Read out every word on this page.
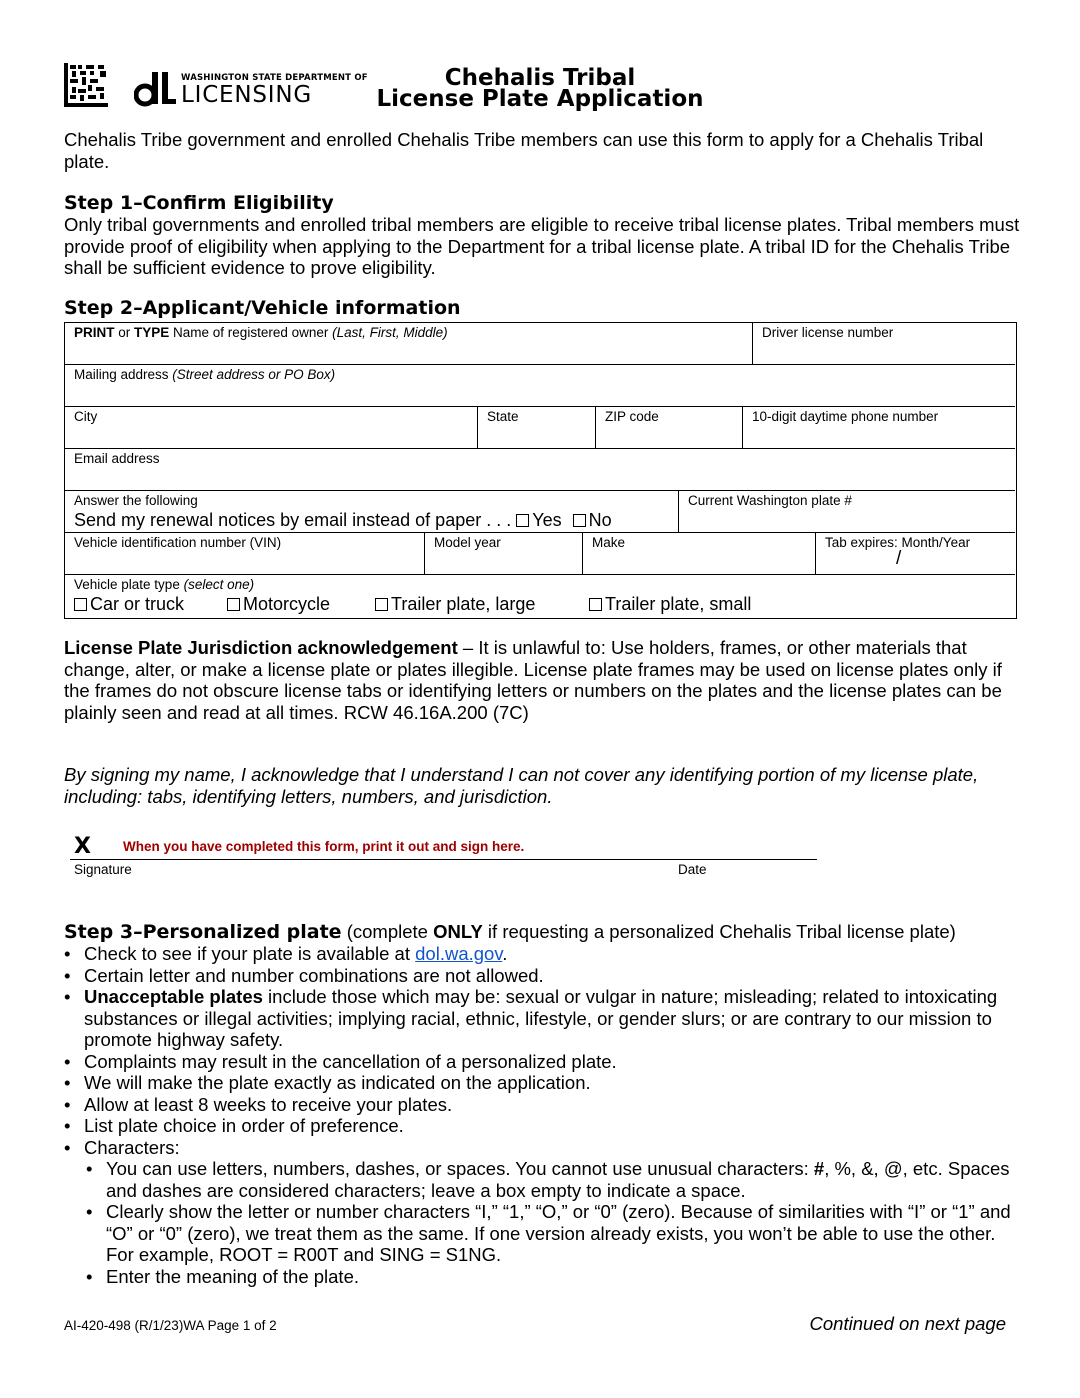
WASHINGTON STATE DEPARTMENT OF
LICENSING
Chehalis Tribal
License Plate Application
Chehalis Tribe government and enrolled Chehalis Tribe members can use this form to apply for a Chehalis Tribal plate.
Step 1–Confirm Eligibility
Only tribal governments and enrolled tribal members are eligible to receive tribal license plates. Tribal members must provide proof of eligibility when applying to the Department for a tribal license plate. A tribal ID for the Chehalis Tribe shall be sufficient evidence to prove eligibility.
Step 2–Applicant/Vehicle information
PRINT or TYPE Name of registered owner (Last, First, Middle)	Driver license number
Mailing address (Street address or PO Box)
City	State	ZIP code	10-digit daytime phone number
Email address
Answer the following
Send my renewal notices by email instead of paper . . . Yes No
Current Washington plate #
Vehicle identification number (VIN)	Model year	Make	Tab expires: Month/Year
/
Vehicle plate type (select one)
Car or truck	Motorcycle	Trailer plate, large	Trailer plate, small
License Plate Jurisdiction acknowledgement – It is unlawful to: Use holders, frames, or other materials that change, alter, or make a license plate or plates illegible. License plate frames may be used on license plates only if the frames do not obscure license tabs or identifying letters or numbers on the plates and the license plates can be plainly seen and read at all times. RCW 46.16A.200 (7C)
By signing my name, I acknowledge that I understand I can not cover any identifying portion of my license plate, including: tabs, identifying letters, numbers, and jurisdiction.
X When you have completed this form, print it out and sign here.
Signature	Date
Step 3–Personalized plate (complete ONLY if requesting a personalized Chehalis Tribal license plate)
• Check to see if your plate is available at dol.wa.gov.
• Certain letter and number combinations are not allowed.
• Unacceptable plates include those which may be: sexual or vulgar in nature; misleading; related to intoxicating substances or illegal activities; implying racial, ethnic, lifestyle, or gender slurs; or are contrary to our mission to promote highway safety.
• Complaints may result in the cancellation of a personalized plate.
• We will make the plate exactly as indicated on the application.
• Allow at least 8 weeks to receive your plates.
• List plate choice in order of preference.
• Characters:
• You can use letters, numbers, dashes, or spaces. You cannot use unusual characters: #, %, &, @, etc. Spaces and dashes are considered characters; leave a box empty to indicate a space.
• Clearly show the letter or number characters “I,” “1,” “O,” or “0” (zero). Because of similarities with “I” or “1” and “O” or “0” (zero), we treat them as the same. If one version already exists, you won’t be able to use the other. For example, ROOT = R00T and SING = S1NG.
• Enter the meaning of the plate.
AI-420-498 (R/1/23)WA Page 1 of 2	Continued on next page
